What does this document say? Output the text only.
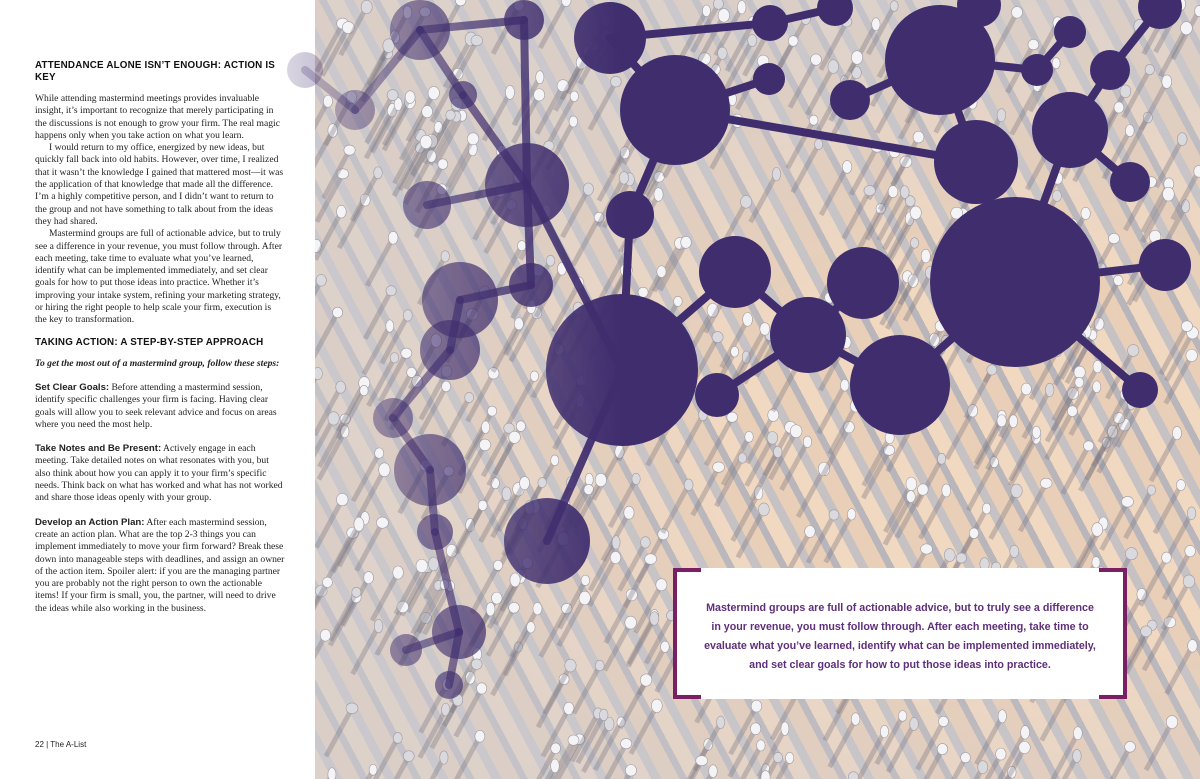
ATTENDANCE ALONE ISN’T ENOUGH: ACTION IS KEY

While attending mastermind meetings provides invaluable insight, it’s important to recognize that merely participating in the discussions is not enough to grow your firm. The real magic happens only when you take action on what you learn.

I would return to my office, energized by new ideas, but quickly fall back into old habits. However, over time, I realized that it wasn’t the knowledge I gained that mattered most—it was the application of that knowledge that made all the difference. I’m a highly competitive person, and I didn’t want to return to the group and not have something to talk about from the ideas they had shared.

Mastermind groups are full of actionable advice, but to truly see a difference in your revenue, you must follow through. After each meeting, take time to evaluate what you’ve learned, identify what can be implemented immediately, and set clear goals for how to put those ideas into practice. Whether it’s improving your intake system, refining your marketing strategy, or hiring the right people to help scale your firm, execution is the key to transformation.

TAKING ACTION: A STEP-BY-STEP APPROACH

To get the most out of a mastermind group, follow these steps:

Set Clear Goals: Before attending a mastermind session, identify specific challenges your firm is facing. Having clear goals will allow you to seek relevant advice and focus on areas where you need the most help.

Take Notes and Be Present: Actively engage in each meeting. Take detailed notes on what resonates with you, but also think about how you can apply it to your firm’s specific needs. Think back on what has worked and what has not worked and share those ideas openly with your group.

Develop an Action Plan: After each mastermind session, create an action plan. What are the top 2-3 things you can implement immediately to move your firm forward? Break these down into manageable steps with deadlines, and assign an owner of the action item. Spoiler alert: if you are the managing partner you are probably not the right person to own the actionable items! If your firm is small, you, the partner, will need to drive the ideas while also working in the business.

22 | The A-List

Mastermind groups are full of actionable advice, but to truly see a difference in your revenue, you must follow through. After each meeting, take time to evaluate what you’ve learned, identify what can be implemented immediately, and set clear goals for how to put those ideas into practice.
